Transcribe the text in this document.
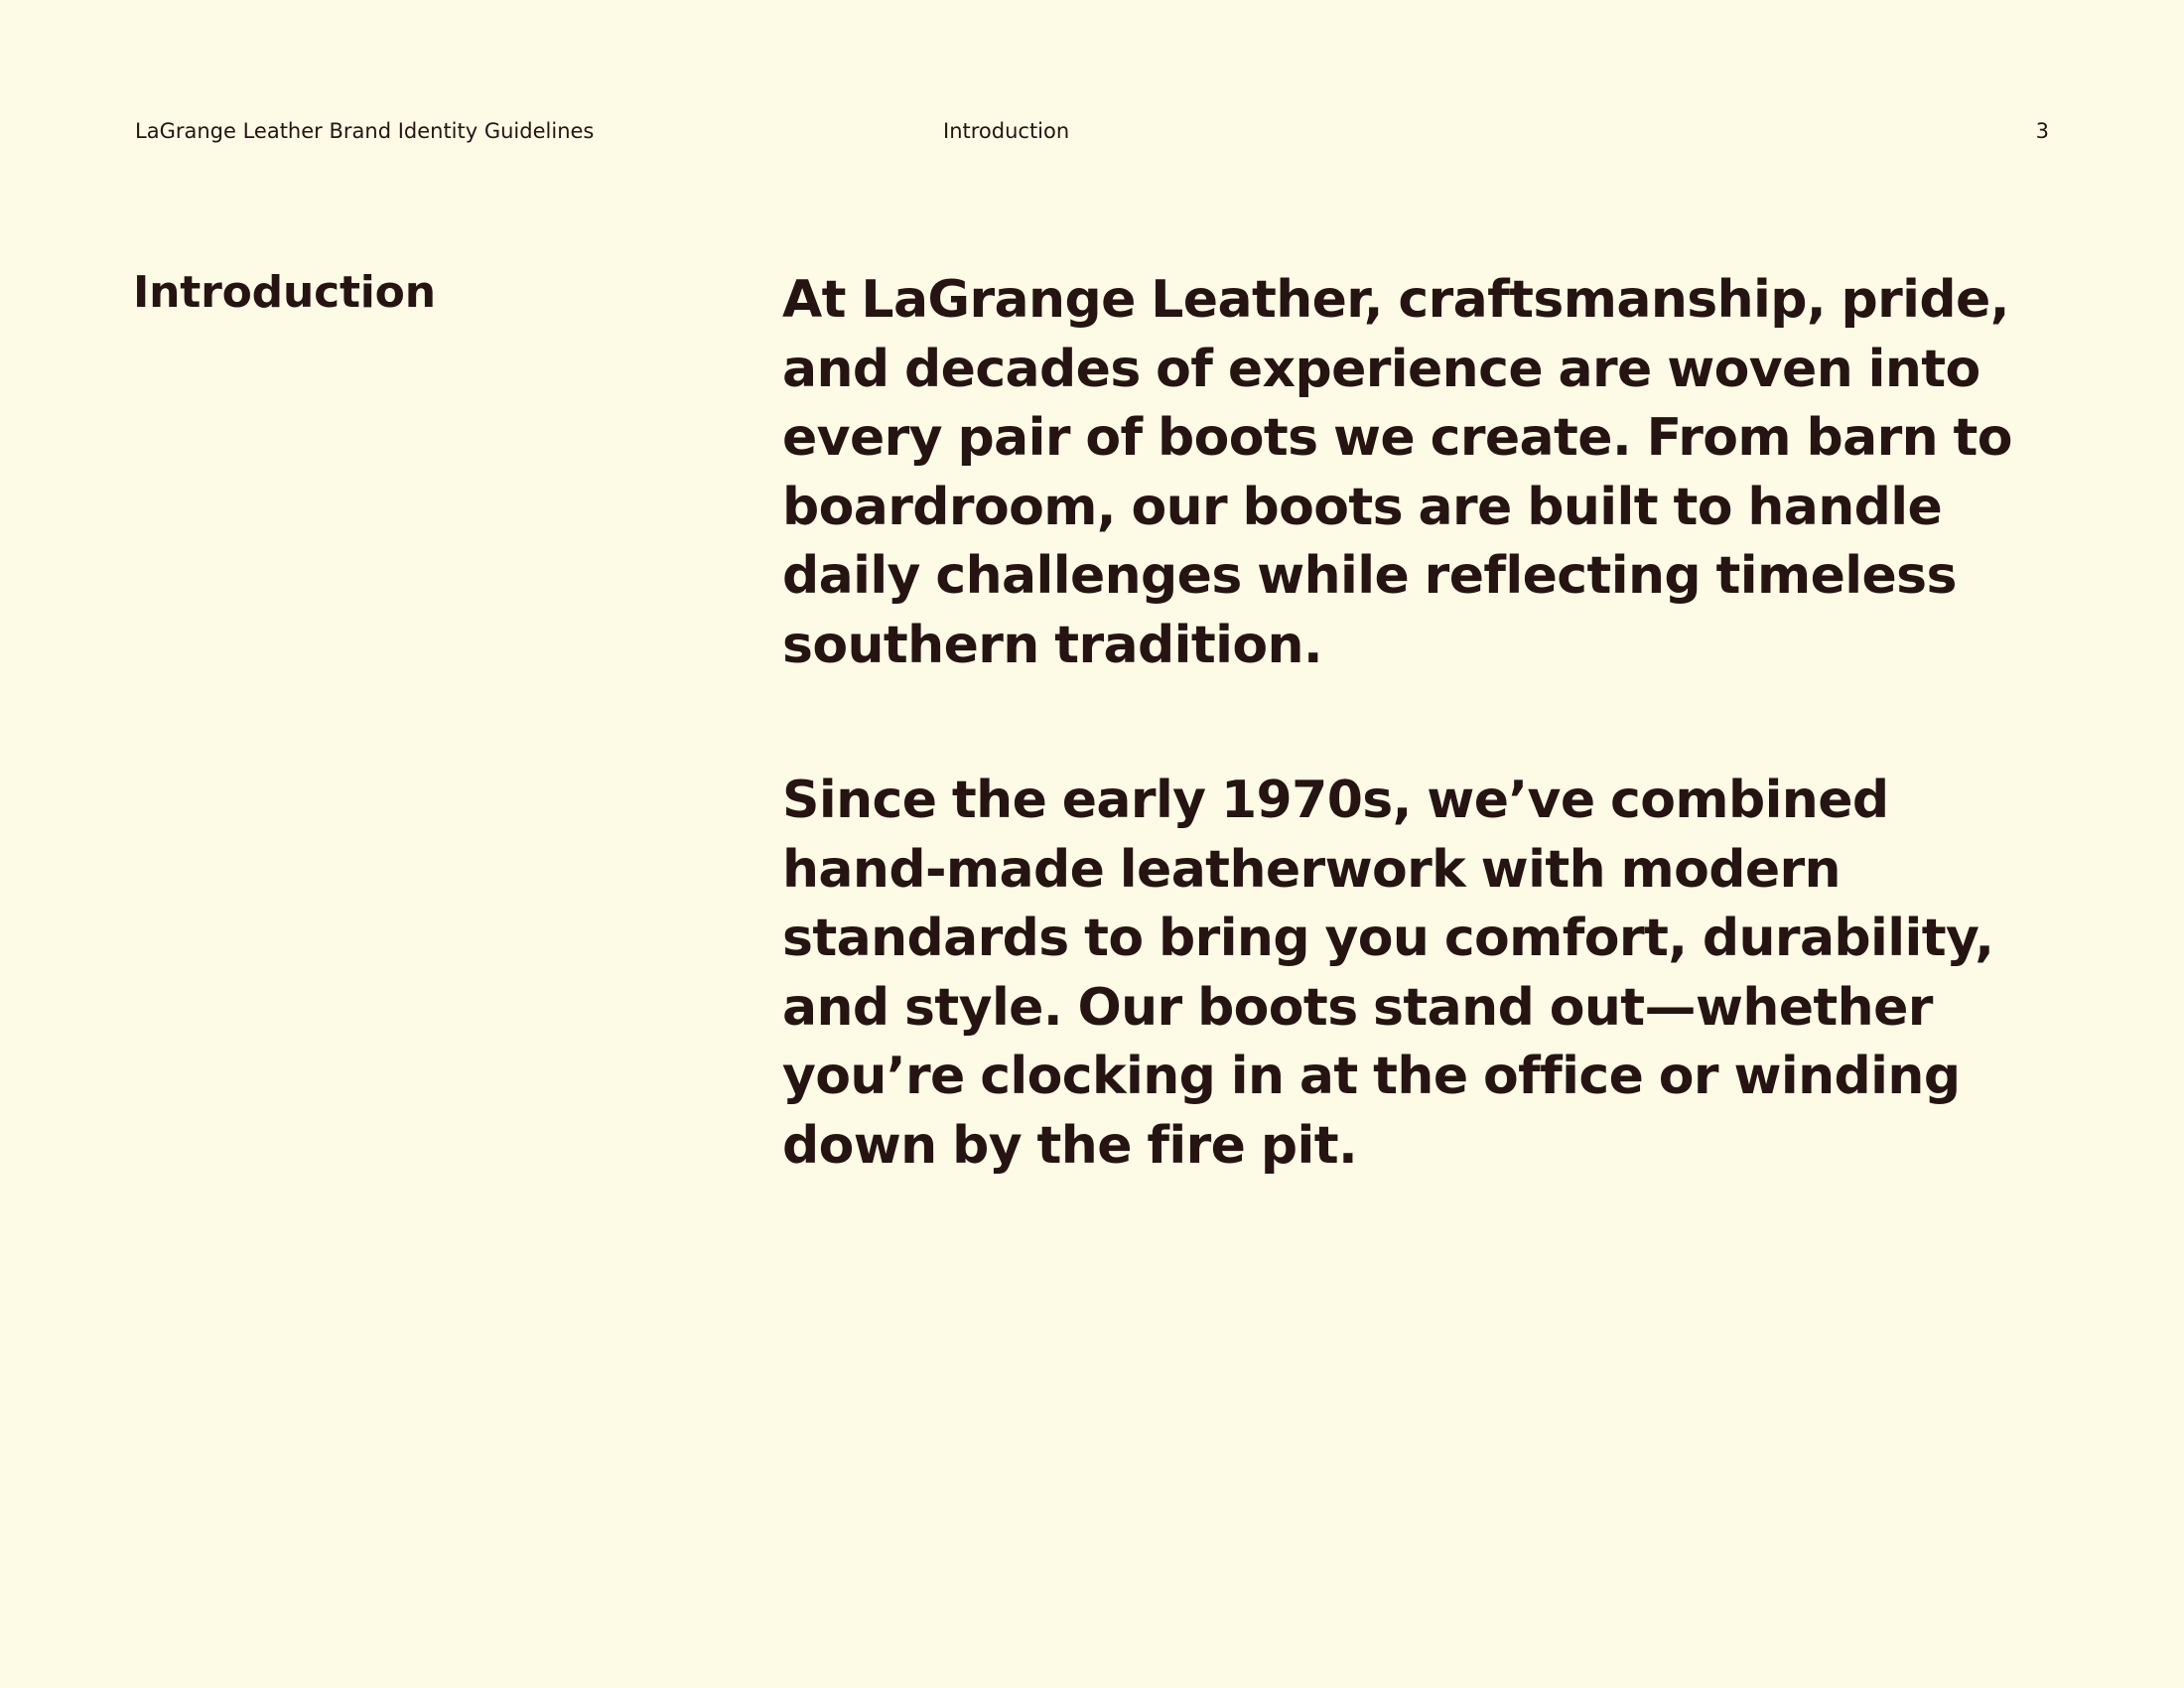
LaGrange Leather Brand Identity Guidelines	Introduction	3
Introduction	At LaGrange Leather, craftsmanship, pride, and decades of experience are woven into every pair of boots we create. From barn to boardroom, our boots are built to handle daily challenges while reflecting timeless southern tradition.

Since the early 1970s, we’ve combined hand-made leatherwork with modern standards to bring you comfort, durability, and style. Our boots stand out—whether you’re clocking in at the office or winding down by the fire pit.
